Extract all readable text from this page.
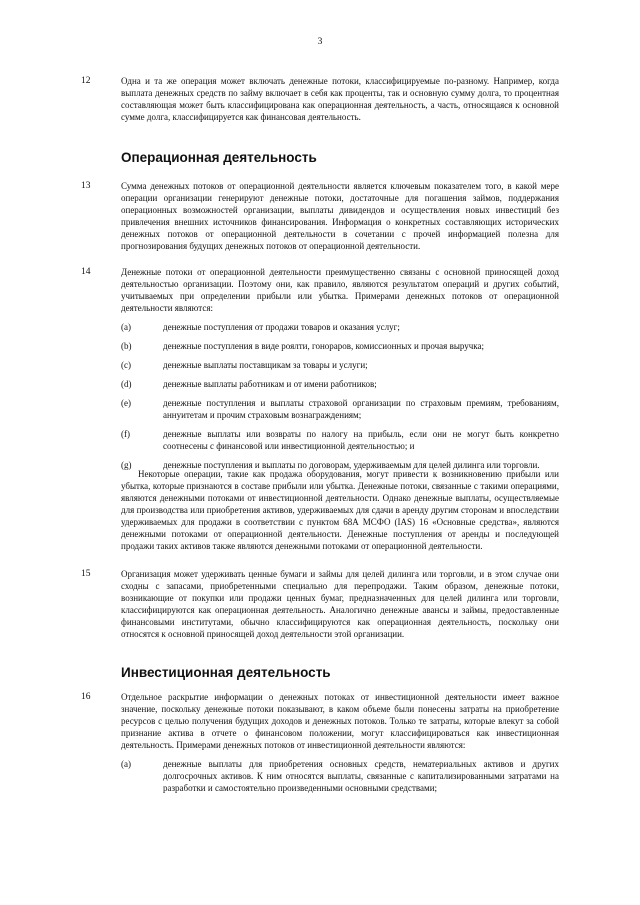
3
12	Одна и та же операция может включать денежные потоки, классифицируемые по-разному. Например, когда выплата денежных средств по займу включает в себя как проценты, так и основную сумму долга, то процентная составляющая может быть классифицирована как операционная деятельность, а часть, относящаяся к основной сумме долга, классифицируется как финансовая деятельность.
Операционная деятельность
13	Сумма денежных потоков от операционной деятельности является ключевым показателем того, в какой мере операции организации генерируют денежные потоки, достаточные для погашения займов, поддержания операционных возможностей организации, выплаты дивидендов и осуществления новых инвестиций без привлечения внешних источников финансирования. Информация о конкретных составляющих исторических денежных потоков от операционной деятельности в сочетании с прочей информацией полезна для прогнозирования будущих денежных потоков от операционной деятельности.
14	Денежные потоки от операционной деятельности преимущественно связаны с основной приносящей доход деятельностью организации. Поэтому они, как правило, являются результатом операций и других событий, учитываемых при определении прибыли или убытка. Примерами денежных потоков от операционной деятельности являются:
(a)	денежные поступления от продажи товаров и оказания услуг;
(b)	денежные поступления в виде роялти, гонораров, комиссионных и прочая выручка;
(c)	денежные выплаты поставщикам за товары и услуги;
(d)	денежные выплаты работникам и от имени работников;
(e)	денежные поступления и выплаты страховой организации по страховым премиям, требованиям, аннуитетам и прочим страховым вознаграждениям;
(f)	денежные выплаты или возвраты по налогу на прибыль, если они не могут быть конкретно соотнесены с финансовой или инвестиционной деятельностью; и
(g)	денежные поступления и выплаты по договорам, удерживаемым для целей дилинга или торговли.
Некоторые операции, такие как продажа оборудования, могут привести к возникновению прибыли или убытка, которые признаются в составе прибыли или убытка. Денежные потоки, связанные с такими операциями, являются денежными потоками от инвестиционной деятельности. Однако денежные выплаты, осуществляемые для производства или приобретения активов, удерживаемых для сдачи в аренду другим сторонам и впоследствии удерживаемых для продажи в соответствии с пунктом 68А МСФО (IAS) 16 «Основные средства», являются денежными потоками от операционной деятельности. Денежные поступления от аренды и последующей продажи таких активов также являются денежными потоками от операционной деятельности.
15	Организация может удерживать ценные бумаги и займы для целей дилинга или торговли, и в этом случае они сходны с запасами, приобретенными специально для перепродажи. Таким образом, денежные потоки, возникающие от покупки или продажи ценных бумаг, предназначенных для целей дилинга или торговли, классифицируются как операционная деятельность. Аналогично денежные авансы и займы, предоставленные финансовыми институтами, обычно классифицируются как операционная деятельность, поскольку они относятся к основной приносящей доход деятельности этой организации.
Инвестиционная деятельность
16	Отдельное раскрытие информации о денежных потоках от инвестиционной деятельности имеет важное значение, поскольку денежные потоки показывают, в каком объеме были понесены затраты на приобретение ресурсов с целью получения будущих доходов и денежных потоков. Только те затраты, которые влекут за собой признание актива в отчете о финансовом положении, могут классифицироваться как инвестиционная деятельность. Примерами денежных потоков от инвестиционной деятельности являются:
(a)	денежные выплаты для приобретения основных средств, нематериальных активов и других долгосрочных активов. К ним относятся выплаты, связанные с капитализированными затратами на разработки и самостоятельно произведенными основными средствами;
